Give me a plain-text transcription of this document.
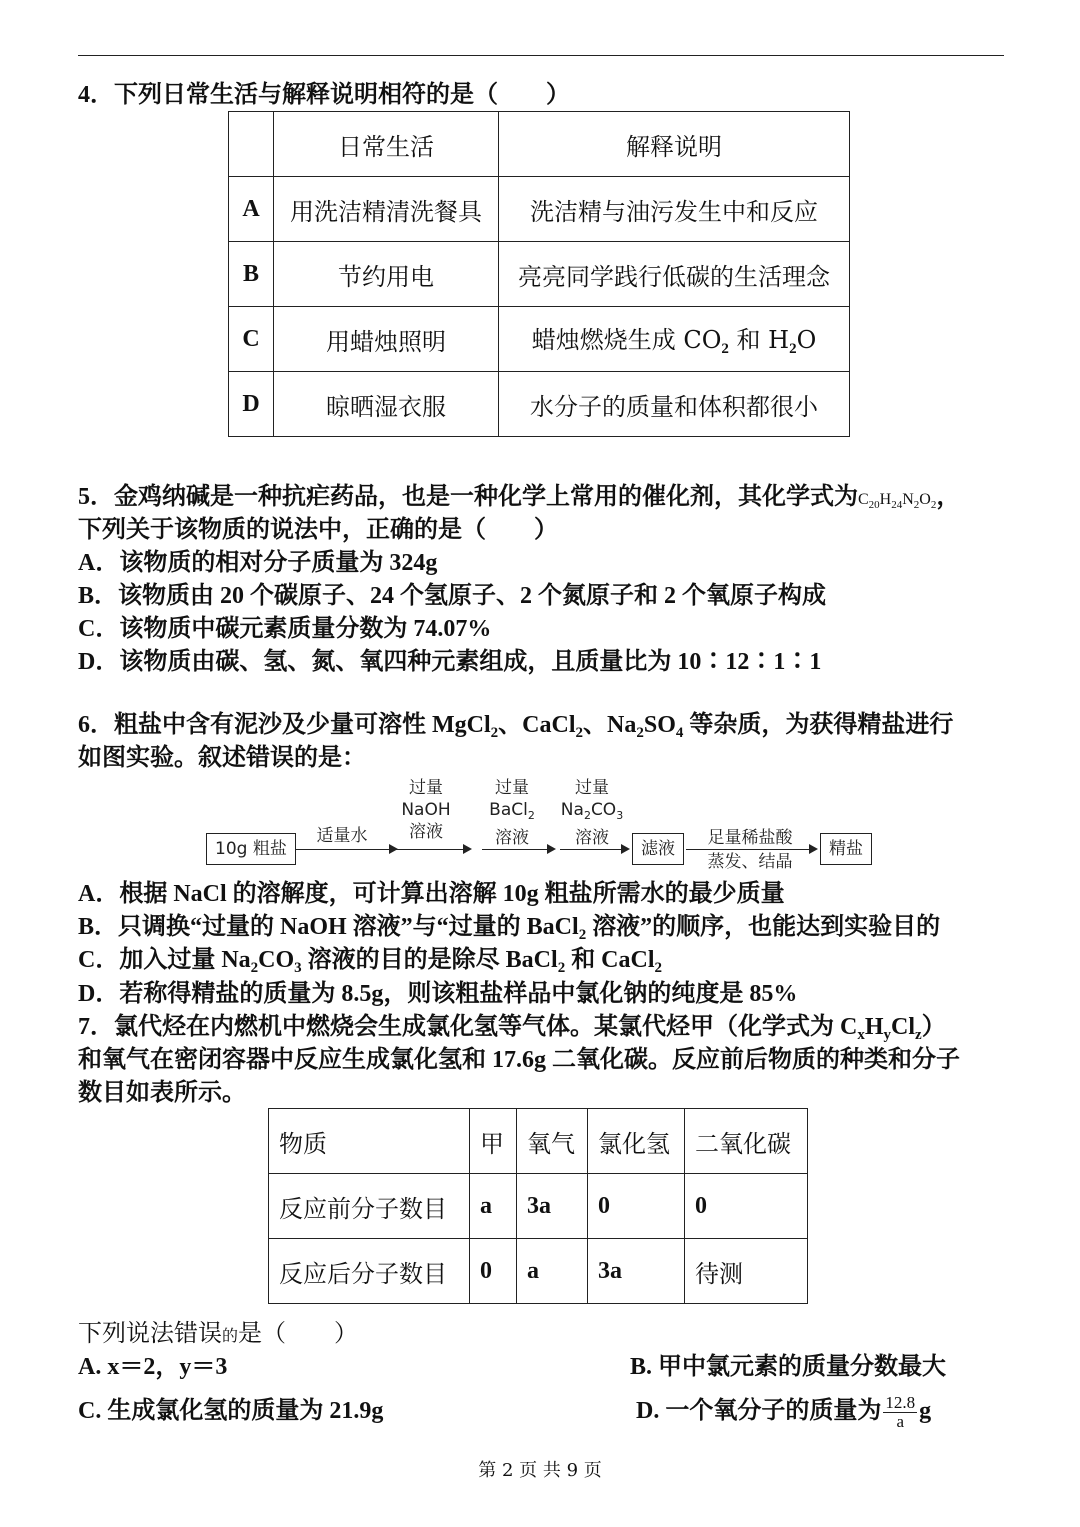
4．下列日常生活与解释说明相符的是（　　）
	日常生活	解释说明
A	用洗洁精清洗餐具	洗洁精与油污发生中和反应
B	节约用电	亮亮同学践行低碳的生活理念
C	用蜡烛照明	蜡烛燃烧生成 $CO_2$ 和 $H_2O$
D	晾晒湿衣服	水分子的质量和体积都很小
5．金鸡纳碱是一种抗疟药品，也是一种化学上常用的催化剂，其化学式为$C_{20}H_{24}N_2O_2$，
下列关于该物质的说法中，正确的是（　　）
A．该物质的相对分子质量为 324g
B．该物质由 20 个碳原子、24 个氢原子、2 个氮原子和 2 个氧原子构成
C．该物质中碳元素质量分数为 74.07%
D．该物质由碳、氢、氮、氧四种元素组成，且质量比为 10∶12∶1∶1
6．粗盐中含有泥沙及少量可溶性 MgCl$_2$、CaCl$_2$、$Na_2SO_4$ 等杂质，为获得精盐进行
如图实验。叙述错误的是：
10g 粗盐
适量水
过量
NaOH
溶液
过量
BaCl$_2$
溶液
过量
$Na_2CO_3$
溶液
滤液
足量稀盐酸
蒸发、结晶
精盐
A．根据 NaCl 的溶解度，可计算出溶解 10g 粗盐所需水的最少质量
B．只调换“过量的 NaOH 溶液”与“过量的 BaCl$_2$ 溶液”的顺序，也能达到实验目的
C．加入过量 $Na_2CO_3$ 溶液的目的是除尽 BaCl$_2$ 和 CaCl$_2$
D．若称得精盐的质量为 8.5g，则该粗盐样品中氯化钠的纯度是 85%
7．氯代烃在内燃机中燃烧会生成氯化氢等气体。某氯代烃甲（化学式为 $C_xH_yCl_z$）
和氧气在密闭容器中反应生成氯化氢和 17.6g 二氧化碳。反应前后物质的种类和分子
数目如表所示。
物质	甲	氧气	氯化氢	二氧化碳
反应前分子数目	a	3a	0	0
反应后分子数目	0	a	3a	待测
下列说法错误的是（　　）
A. x＝2，y＝3	B. 甲中氯元素的质量分数最大
C. 生成氯化氢的质量为 21.9g	D. 一个氧分子的质量为 $\frac{12.8}{a}$ g
第 2 页 共 9 页
